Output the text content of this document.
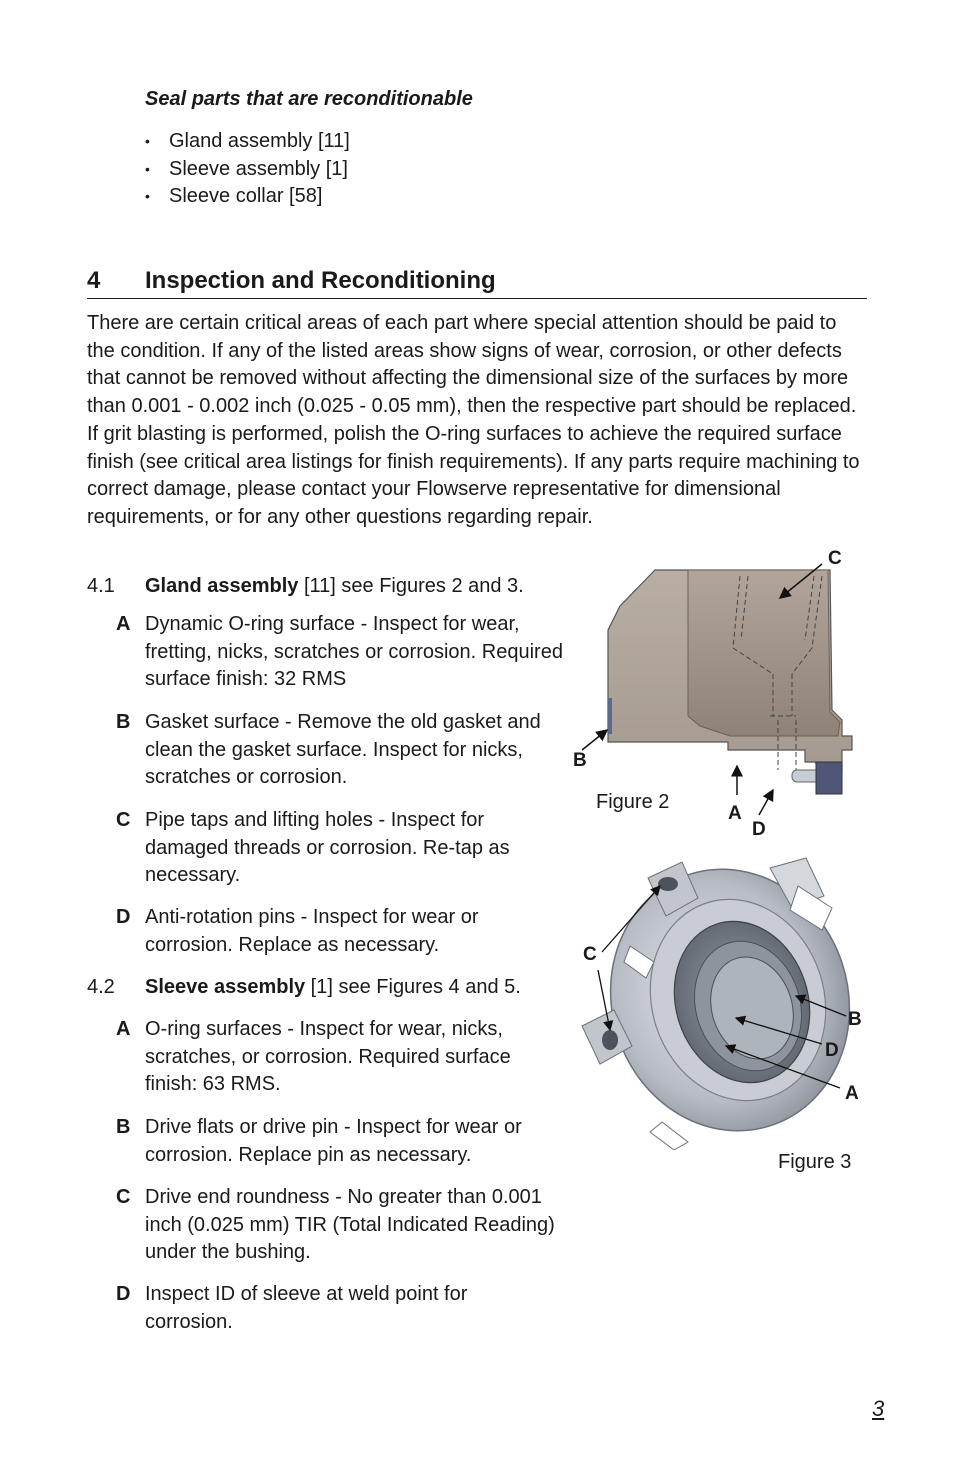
Seal parts that are reconditionable
• Gland assembly [11]
• Sleeve assembly [1]
• Sleeve collar [58]
4 Inspection and Reconditioning
There are certain critical areas of each part where special attention should be paid to the condition. If any of the listed areas show signs of wear, corrosion, or other defects that cannot be removed without affecting the dimensional size of the surfaces by more than 0.001 - 0.002 inch (0.025 - 0.05 mm), then the respective part should be replaced. If grit blasting is performed, polish the O-ring surfaces to achieve the required surface finish (see critical area listings for finish requirements). If any parts require machining to correct damage, please contact your Flowserve representative for dimensional requirements, or for any other questions regarding repair.
4.1 Gland assembly [11] see Figures 2 and 3.
A Dynamic O-ring surface - Inspect for wear, fretting, nicks, scratches or corrosion. Required surface finish: 32 RMS
B Gasket surface - Remove the old gasket and clean the gasket surface. Inspect for nicks, scratches or corrosion.
C Pipe taps and lifting holes - Inspect for damaged threads or corrosion. Re-tap as necessary.
D Anti-rotation pins - Inspect for wear or corrosion. Replace as necessary.
4.2 Sleeve assembly [1] see Figures 4 and 5.
A O-ring surfaces - Inspect for wear, nicks, scratches, or corrosion. Required surface finish: 63 RMS.
B Drive flats or drive pin - Inspect for wear or corrosion. Replace pin as necessary.
C Drive end roundness - No greater than 0.001 inch (0.025 mm) TIR (Total Indicated Reading) under the bushing.
D Inspect ID of sleeve at weld point for corrosion.
C
B
A
D
Figure 2
C
B
D
A
Figure 3
3
